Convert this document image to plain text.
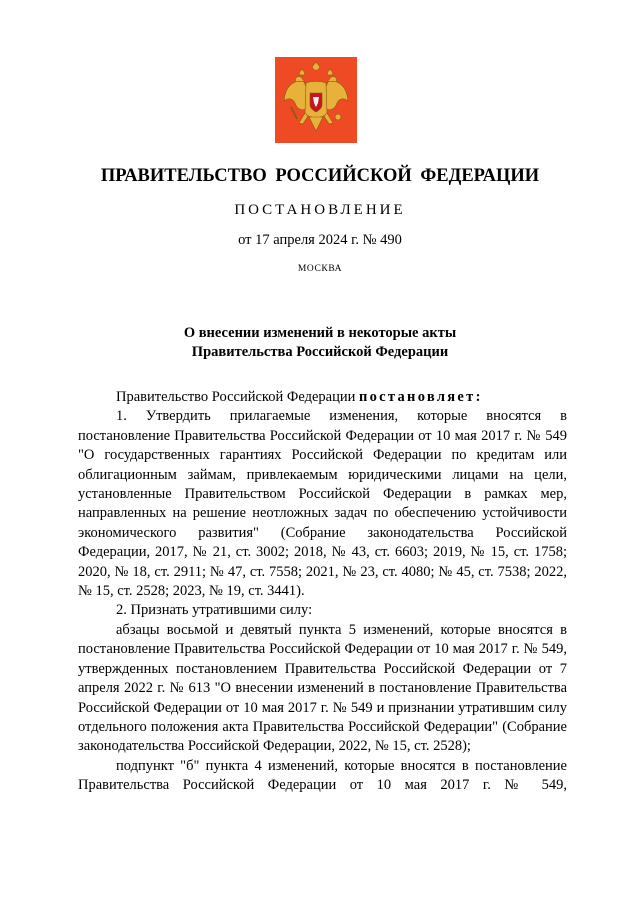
ПРАВИТЕЛЬСТВО РОССИЙСКОЙ ФЕДЕРАЦИИ
ПОСТАНОВЛЕНИЕ
от 17 апреля 2024 г. № 490
МОСКВА
О внесении изменений в некоторые акты
Правительства Российской Федерации

Правительство Российской Федерации постановляет:

1. Утвердить прилагаемые изменения, которые вносятся в постановление Правительства Российской Федерации от 10 мая 2017 г. № 549 "О государственных гарантиях Российской Федерации по кредитам или облигационным займам, привлекаемым юридическими лицами на цели, установленные Правительством Российской Федерации в рамках мер, направленных на решение неотложных задач по обеспечению устойчивости экономического развития" (Собрание законодательства Российской Федерации, 2017, № 21, ст. 3002; 2018, № 43, ст. 6603; 2019, № 15, ст. 1758; 2020, № 18, ст. 2911; № 47, ст. 7558; 2021, № 23, ст. 4080; № 45, ст. 7538; 2022, № 15, ст. 2528; 2023, № 19, ст. 3441).

2. Признать утратившими силу:

абзацы восьмой и девятый пункта 5 изменений, которые вносятся в постановление Правительства Российской Федерации от 10 мая 2017 г. № 549, утвержденных постановлением Правительства Российской Федерации от 7 апреля 2022 г. № 613 "О внесении изменений в постановление Правительства Российской Федерации от 10 мая 2017 г. № 549 и признании утратившим силу отдельного положения акта Правительства Российской Федерации" (Собрание законодательства Российской Федерации, 2022, № 15, ст. 2528);

подпункт "б" пункта 4 изменений, которые вносятся в постановление Правительства Российской Федерации от 10 мая 2017 г. № 549,
